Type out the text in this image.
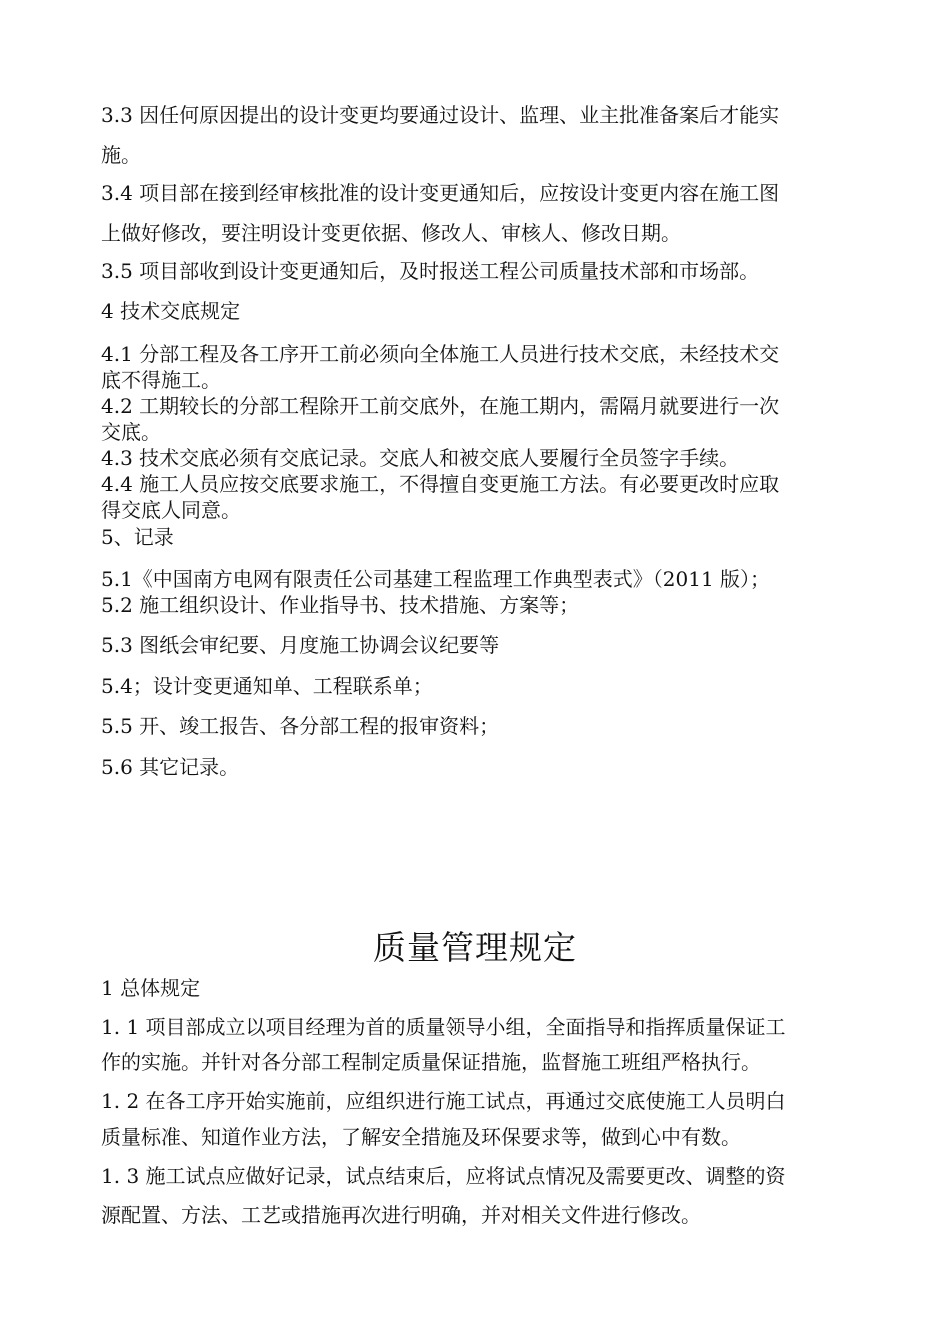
3.3 因任何原因提出的设计变更均要通过设计、监理、业主批准备案后才能实
施。
3.4 项目部在接到经审核批准的设计变更通知后，应按设计变更内容在施工图
上做好修改，要注明设计变更依据、修改人、审核人、修改日期。
3.5 项目部收到设计变更通知后，及时报送工程公司质量技术部和市场部。
4 技术交底规定
4.1 分部工程及各工序开工前必须向全体施工人员进行技术交底，未经技术交
底不得施工。
4.2 工期较长的分部工程除开工前交底外，在施工期内，需隔月就要进行一次
交底。
4.3 技术交底必须有交底记录。交底人和被交底人要履行全员签字手续。
4.4 施工人员应按交底要求施工，不得擅自变更施工方法。有必要更改时应取
得交底人同意。
5、记录
5.1《中国南方电网有限责任公司基建工程监理工作典型表式》（2011 版）；
5.2 施工组织设计、作业指导书、技术措施、方案等；
5.3 图纸会审纪要、月度施工协调会议纪要等
5.4；设计变更通知单、工程联系单；
5.5 开、竣工报告、各分部工程的报审资料；
5.6 其它记录。
质量管理规定
1 总体规定
1. 1 项目部成立以项目经理为首的质量领导小组，全面指导和指挥质量保证工
作的实施。并针对各分部工程制定质量保证措施，监督施工班组严格执行。
1. 2 在各工序开始实施前，应组织进行施工试点，再通过交底使施工人员明白
质量标准、知道作业方法，了解安全措施及环保要求等，做到心中有数。
1. 3 施工试点应做好记录，试点结束后，应将试点情况及需要更改、调整的资
源配置、方法、工艺或措施再次进行明确，并对相关文件进行修改。
